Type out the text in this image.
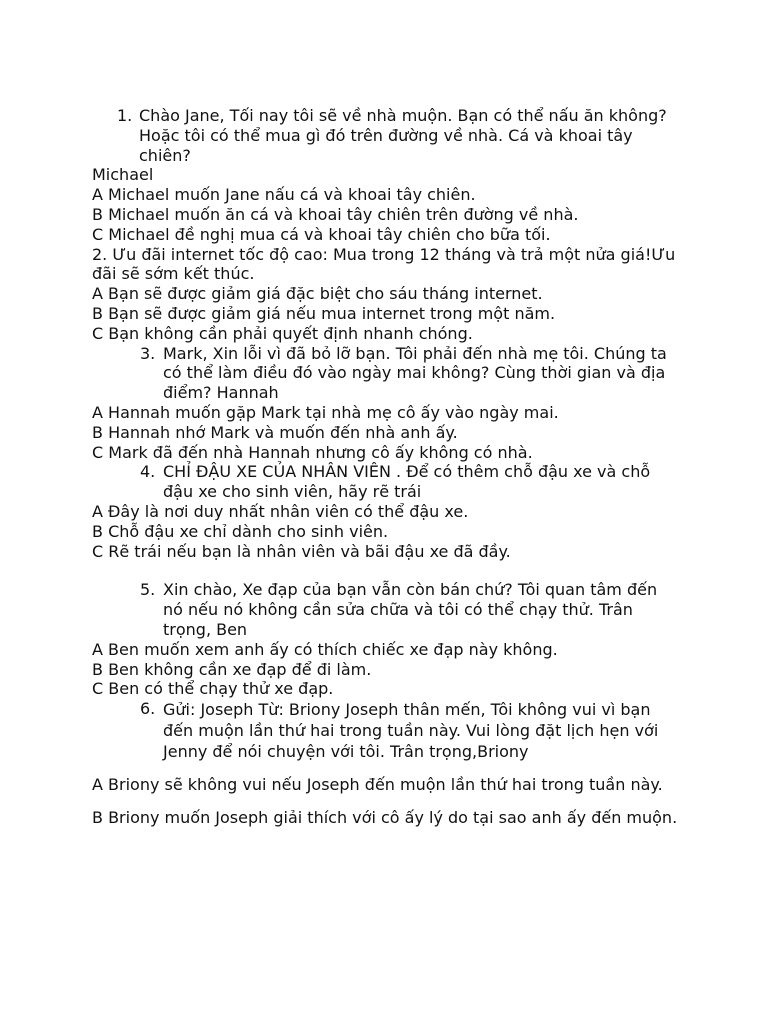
1. Chào Jane, Tối nay tôi sẽ về nhà muộn. Bạn có thể nấu ăn không? Hoặc tôi có thể mua gì đó trên đường về nhà. Cá và khoai tây chiên?
Michael
A Michael muốn Jane nấu cá và khoai tây chiên.
B Michael muốn ăn cá và khoai tây chiên trên đường về nhà.
C Michael đề nghị mua cá và khoai tây chiên cho bữa tối.
2. Ưu đãi internet tốc độ cao: Mua trong 12 tháng và trả một nửa giá!Ưu đãi sẽ sớm kết thúc.
A Bạn sẽ được giảm giá đặc biệt cho sáu tháng internet.
B Bạn sẽ được giảm giá nếu mua internet trong một năm.
C Bạn không cần phải quyết định nhanh chóng.
3. Mark, Xin lỗi vì đã bỏ lỡ bạn. Tôi phải đến nhà mẹ tôi. Chúng ta có thể làm điều đó vào ngày mai không? Cùng thời gian và địa điểm? Hannah
A Hannah muốn gặp Mark tại nhà mẹ cô ấy vào ngày mai.
B Hannah nhớ Mark và muốn đến nhà anh ấy.
C Mark đã đến nhà Hannah nhưng cô ấy không có nhà.
4. CHỈ ĐẬU XE CỦA NHÂN VIÊN . Để có thêm chỗ đậu xe và chỗ đậu xe cho sinh viên, hãy rẽ trái
A Đây là nơi duy nhất nhân viên có thể đậu xe.
B Chỗ đậu xe chỉ dành cho sinh viên.
C Rẽ trái nếu bạn là nhân viên và bãi đậu xe đã đầy.
5. Xin chào, Xe đạp của bạn vẫn còn bán chứ? Tôi quan tâm đến nó nếu nó không cần sửa chữa và tôi có thể chạy thử. Trân trọng, Ben
A Ben muốn xem anh ấy có thích chiếc xe đạp này không.
B Ben không cần xe đạp để đi làm.
C Ben có thể chạy thử xe đạp.
6. Gửi: Joseph Từ: Briony Joseph thân mến, Tôi không vui vì bạn đến muộn lần thứ hai trong tuần này. Vui lòng đặt lịch hẹn với Jenny để nói chuyện với tôi. Trân trọng,Briony

A Briony sẽ không vui nếu Joseph đến muộn lần thứ hai trong tuần này.

B Briony muốn Joseph giải thích với cô ấy lý do tại sao anh ấy đến muộn.
